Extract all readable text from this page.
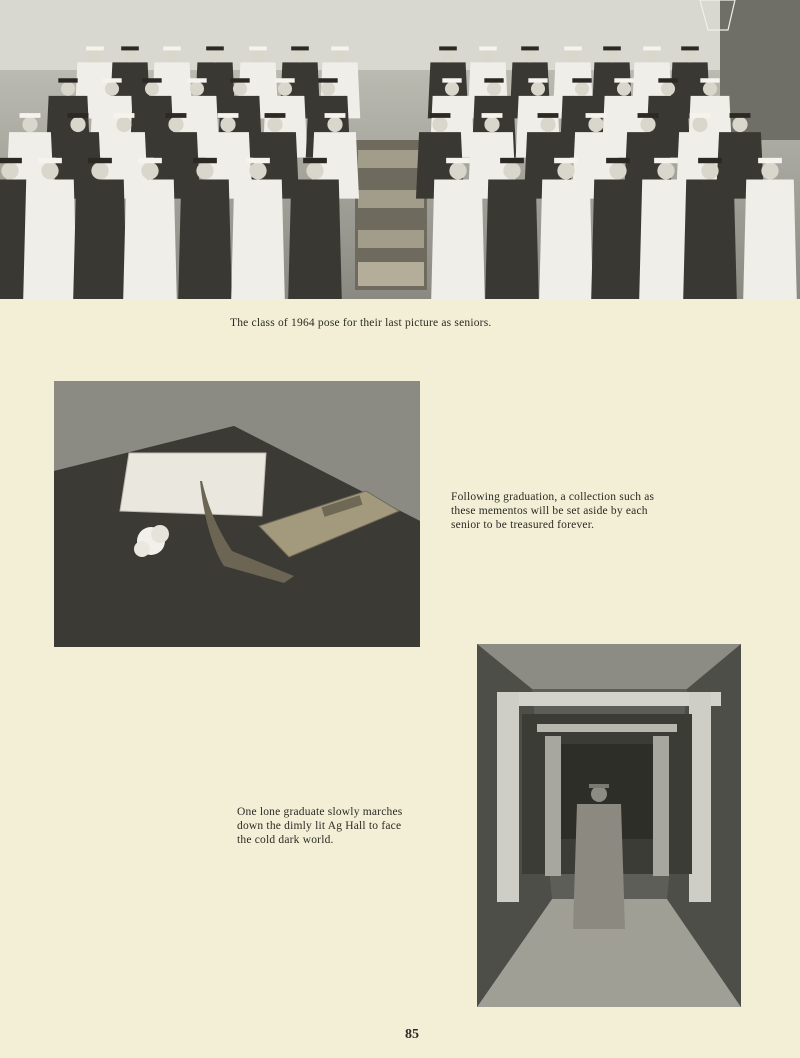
The class of 1964 pose for their last picture as seniors.
Following graduation, a collection such as
these mementos will be set aside by each
senior to be treasured forever.
One lone graduate slowly marches
down the dimly lit Ag Hall to face
the cold dark world.
85
